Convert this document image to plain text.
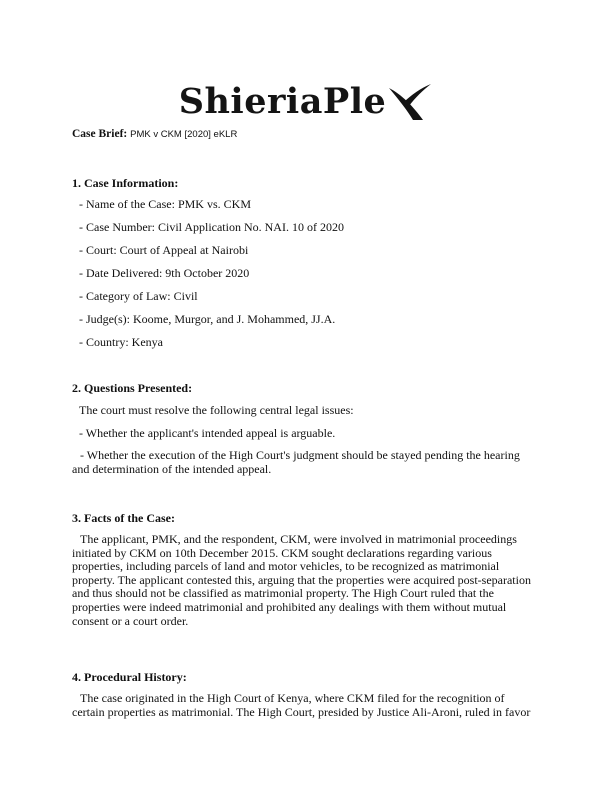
ShieriaPle
Case Brief: PMK v CKM [2020] eKLR

1. Case Information:

- Name of the Case: PMK vs. CKM

- Case Number: Civil Application No. NAI. 10 of 2020

- Court: Court of Appeal at Nairobi

- Date Delivered: 9th October 2020

- Category of Law: Civil

- Judge(s): Koome, Murgor, and J. Mohammed, JJ.A.

- Country: Kenya

2. Questions Presented:

The court must resolve the following central legal issues:

- Whether the applicant's intended appeal is arguable.

- Whether the execution of the High Court's judgment should be stayed pending the hearing and determination of the intended appeal.

3. Facts of the Case:

The applicant, PMK, and the respondent, CKM, were involved in matrimonial proceedings initiated by CKM on 10th December 2015. CKM sought declarations regarding various properties, including parcels of land and motor vehicles, to be recognized as matrimonial property. The applicant contested this, arguing that the properties were acquired post-separation and thus should not be classified as matrimonial property. The High Court ruled that the properties were indeed matrimonial and prohibited any dealings with them without mutual consent or a court order.

4. Procedural History:

The case originated in the High Court of Kenya, where CKM filed for the recognition of certain properties as matrimonial. The High Court, presided by Justice Ali-Aroni, ruled in favor
